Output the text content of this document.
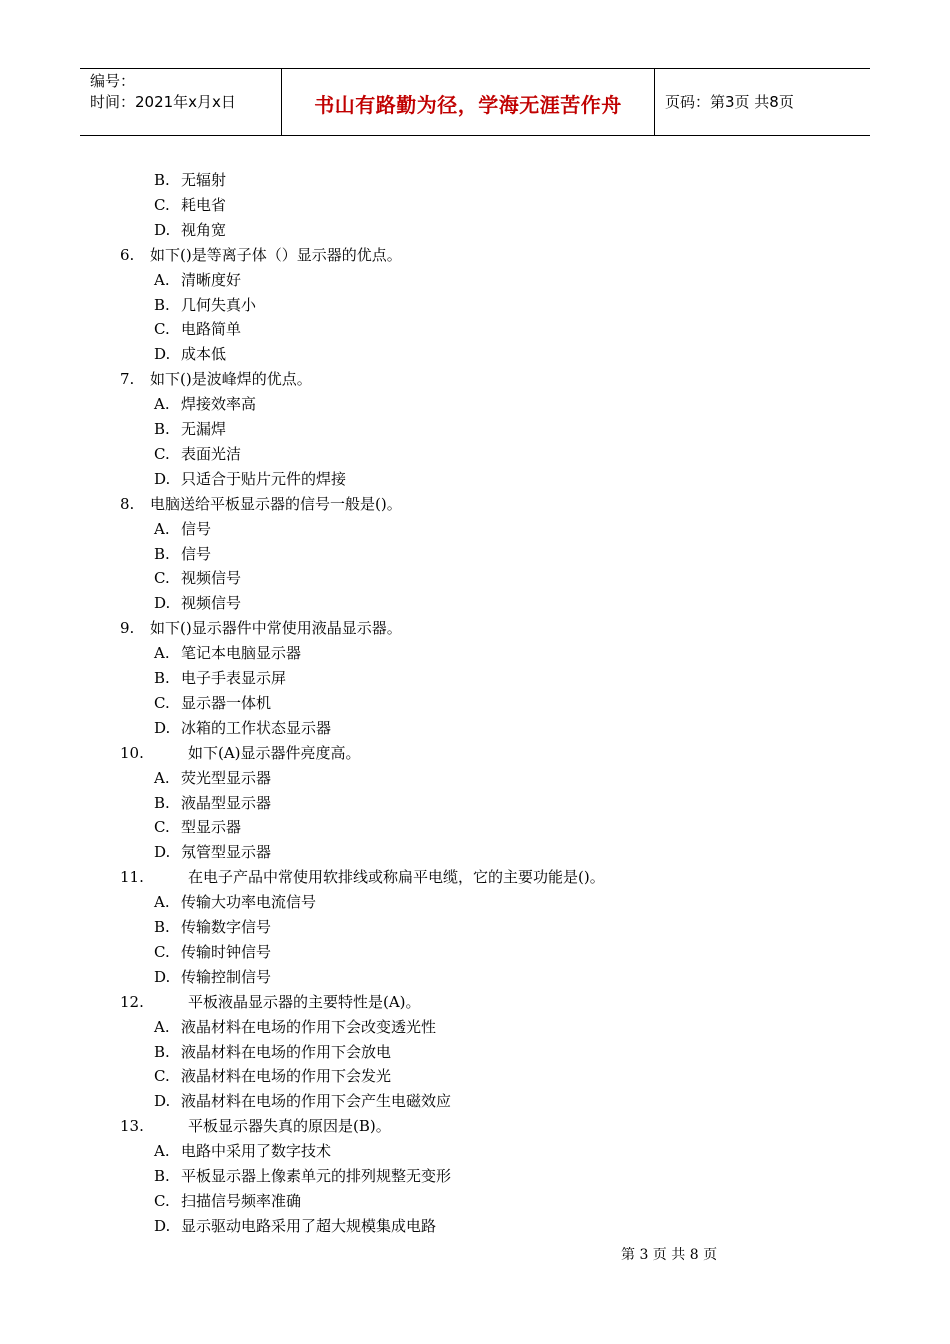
编号：
时间：2021年x月x日	书山有路勤为径，学海无涯苦作舟	页码：第3页 共8页
B. 无辐射
C. 耗电省
D. 视角宽
6. 如下()是等离子体（）显示器的优点。
A. 清晰度好
B. 几何失真小
C. 电路简单
D. 成本低
7. 如下()是波峰焊的优点。
A. 焊接效率高
B. 无漏焊
C. 表面光洁
D. 只适合于贴片元件的焊接
8. 电脑送给平板显示器的信号一般是()。
A. 信号
B. 信号
C. 视频信号
D. 视频信号
9. 如下()显示器件中常使用液晶显示器。
A. 笔记本电脑显示器
B. 电子手表显示屏
C. 显示器一体机
D. 冰箱的工作状态显示器
10.	如下(A)显示器件亮度高。
A. 荧光型显示器
B. 液晶型显示器
C. 型显示器
D. 氖管型显示器
11.	在电子产品中常使用软排线或称扁平电缆，它的主要功能是()。
A. 传输大功率电流信号
B. 传输数字信号
C. 传输时钟信号
D. 传输控制信号
12.	平板液晶显示器的主要特性是(A)。
A. 液晶材料在电场的作用下会改变透光性
B. 液晶材料在电场的作用下会放电
C. 液晶材料在电场的作用下会发光
D. 液晶材料在电场的作用下会产生电磁效应
13.	平板显示器失真的原因是(B)。
A. 电路中采用了数字技术
B. 平板显示器上像素单元的排列规整无变形
C. 扫描信号频率准确
D. 显示驱动电路采用了超大规模集成电路
第 3 页 共 8 页
